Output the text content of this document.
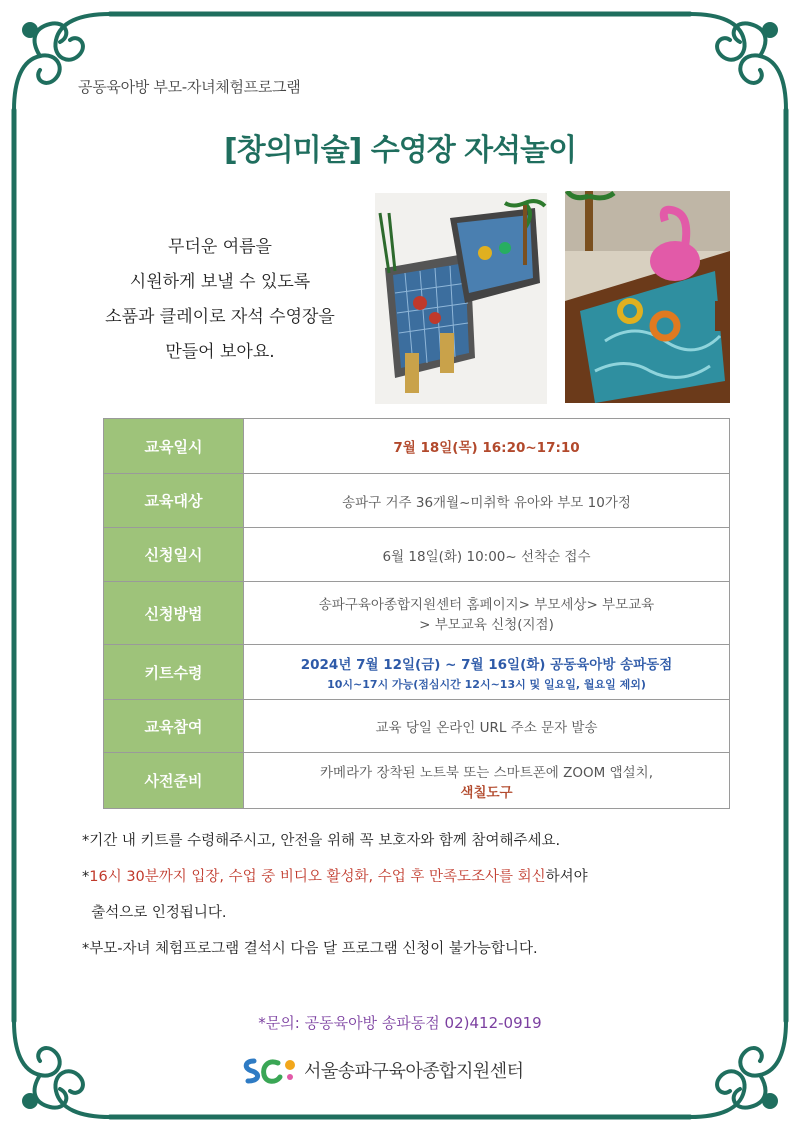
공동육아방 부모-자녀체험프로그램
[창의미술] 수영장 자석놀이
무더운 여름을
시원하게 보낼 수 있도록
소품과 클레이로 자석 수영장을
만들어 보아요.
교육일시	7월 18일(목) 16:20~17:10
교육대상	송파구 거주 36개월~미취학 유아와 부모 10가정
신청일시	6월 18일(화) 10:00~ 선착순 접수
신청방법	송파구육아종합지원센터 홈페이지> 부모세상> 부모교육
> 부모교육 신청(지점)

키트수령	2024년 7월 12일(금) ~ 7월 16일(화) 공동육아방 송파동점
10시~17시 가능(점심시간 12시~13시 및 일요일, 월요일 제외)

교육참여	교육 당일 온라인 URL 주소 문자 발송
사전준비	카메라가 장착된 노트북 또는 스마트폰에 ZOOM 앱설치,
색칠도구

*기간 내 키트를 수령해주시고, 안전을 위해 꼭 보호자와 함께 참여해주세요.

*16시 30분까지 입장, 수업 중 비디오 활성화, 수업 후 만족도조사를 회신하셔야

출석으로 인정됩니다.

*부모-자녀 체험프로그램 결석시 다음 달 프로그램 신청이 불가능합니다.

*문의: 공동육아방 송파동점 02)412-0919
서울송파구육아종합지원센터
